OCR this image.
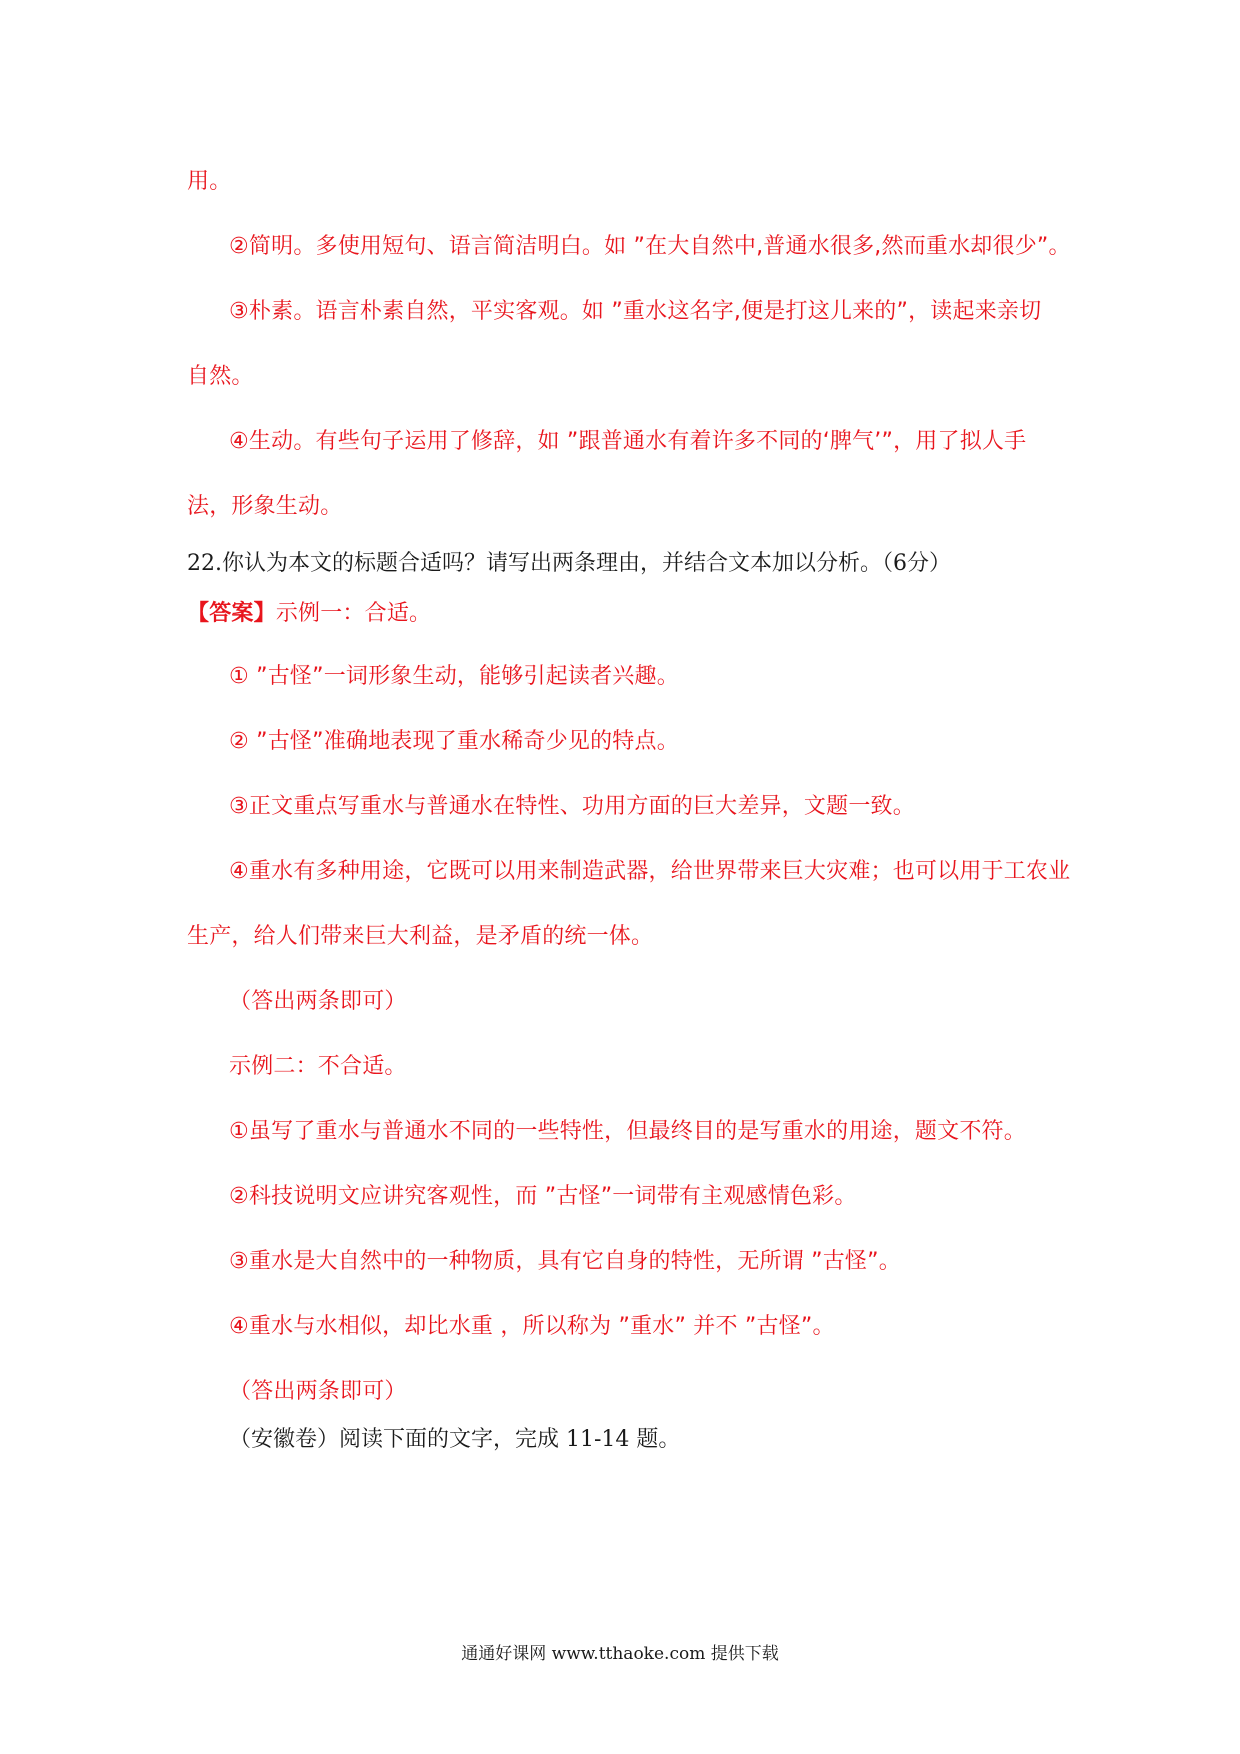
用。
②简明。多使用短句、语言简洁明白。如 ”在大自然中,普通水很多,然而重水却很少”。
③朴素。语言朴素自然，平实客观。如 ”重水这名字,便是打这儿来的”，读起来亲切
自然。
④生动。有些句子运用了修辞，如 ”跟普通水有着许多不同的‘脾气’”，用了拟人手
法，形象生动。
22.你认为本文的标题合适吗？请写出两条理由，并结合文本加以分析。（6分）
【答案】示例一：合适。
① ”古怪”一词形象生动，能够引起读者兴趣。
② ”古怪”准确地表现了重水稀奇少见的特点。
③正文重点写重水与普通水在特性、功用方面的巨大差异，文题一致。
④重水有多种用途，它既可以用来制造武器，给世界带来巨大灾难；也可以用于工农业
生产，给人们带来巨大利益，是矛盾的统一体。
（答出两条即可）
示例二：不合适。
①虽写了重水与普通水不同的一些特性，但最终目的是写重水的用途，题文不符。
②科技说明文应讲究客观性，而 ”古怪”一词带有主观感情色彩。
③重水是大自然中的一种物质，具有它自身的特性，无所谓 ”古怪”。
④重水与水相似，却比水重 ，所以称为 ”重水” 并不 ”古怪”。
（答出两条即可）
（安徽卷）阅读下面的文字，完成 11-14 题。
通通好课网 www.tthaoke.com 提供下载
